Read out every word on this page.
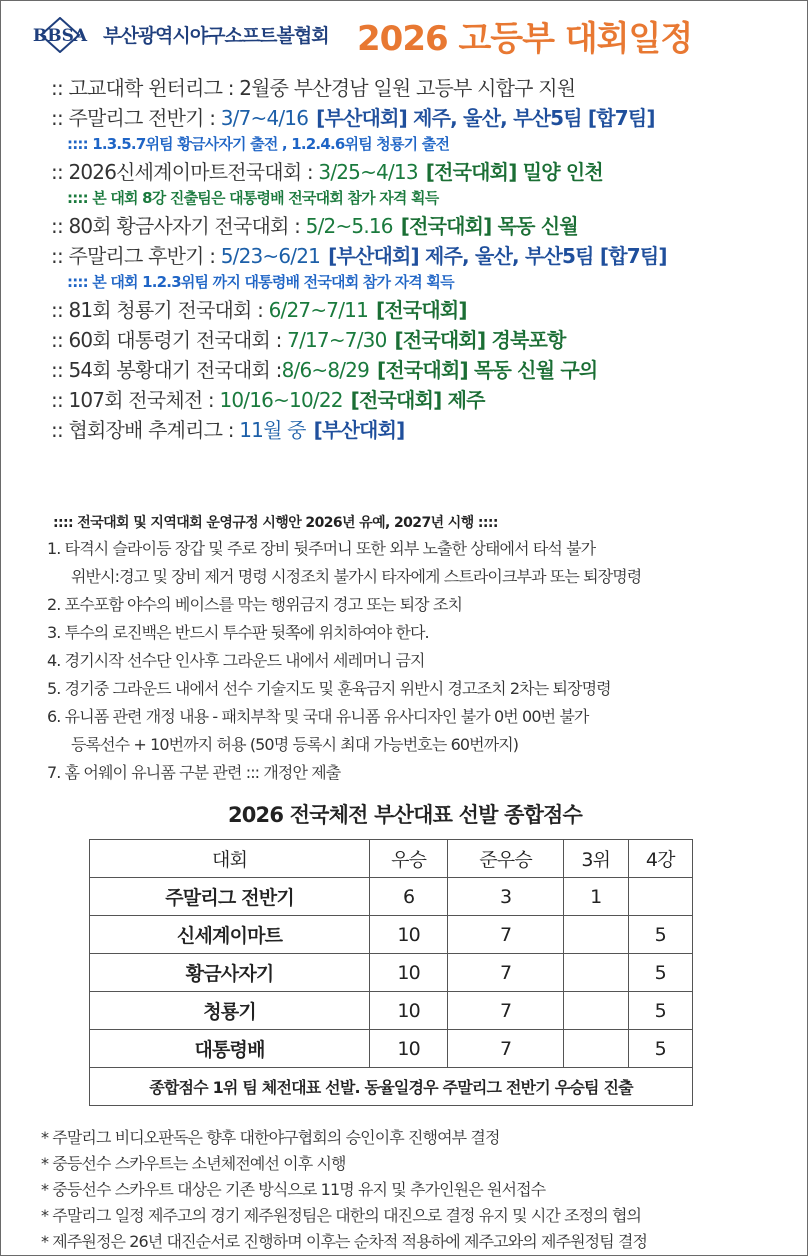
BBSA 부산광역시야구소프트볼협회 2026 고등부 대회일정
:: 고교대학 윈터리그 : 2월중 부산경남 일원 고등부 시합구 지원
:: 주말리그 전반기 : 3/7~4/16 [부산대회] 제주, 울산, 부산5팀 [합7팀]
:::: 1.3.5.7위팀 황금사자기 출전 , 1.2.4.6위팀 청룡기 출전
:: 2026신세계이마트전국대회 : 3/25~4/13 [전국대회] 밀양 인천
:::: 본 대회 8강 진출팀은 대통령배 전국대회 참가 자격 획득
:: 80회 황금사자기 전국대회 : 5/2~5.16 [전국대회] 목동 신월
:: 주말리그 후반기 : 5/23~6/21 [부산대회] 제주, 울산, 부산5팀 [합7팀]
:::: 본 대회 1.2.3위팀 까지 대통령배 전국대회 참가 자격 획득
:: 81회 청룡기 전국대회 : 6/27~7/11 [전국대회]
:: 60회 대통령기 전국대회 : 7/17~7/30 [전국대회] 경북포항
:: 54회 봉황대기 전국대회 :8/6~8/29 [전국대회] 목동 신월 구의
:: 107회 전국체전 : 10/16~10/22 [전국대회] 제주
:: 협회장배 추계리그 : 11월 중 [부산대회]
:::: 전국대회 및 지역대회 운영규정 시행안 2026년 유예, 2027년 시행 ::::
1. 타격시 슬라이등 장갑 및 주로 장비 뒷주머니 또한 외부 노출한 상태에서 타석 불가
위반시:경고 및 장비 제거 명령 시정조치 불가시 타자에게 스트라이크부과 또는 퇴장명령
2. 포수포함 야수의 베이스를 막는 행위금지 경고 또는 퇴장 조치
3. 투수의 로진백은 반드시 투수판 뒷쪽에 위치하여야 한다.
4. 경기시작 선수단 인사후 그라운드 내에서 세레머니 금지
5. 경기중 그라운드 내에서 선수 기술지도 및 훈육금지 위반시 경고조치 2차는 퇴장명령
6. 유니폼 관련 개정 내용 - 패치부착 및 국대 유니폼 유사디자인 불가 0번 00번 불가
등록선수 + 10번까지 허용 (50명 등록시 최대 가능번호는 60번까지)
7. 홈 어웨이 유니폼 구분 관련 ::: 개정안 제출
2026 전국체전 부산대표 선발 종합점수
대회	우승	준우승	3위	4강
주말리그 전반기	6	3	1	
신세계이마트	10	7		5
황금사자기	10	7		5
청룡기	10	7		5
대통령배	10	7		5
종합점수 1위 팀 체전대표 선발. 동율일경우 주말리그 전반기 우승팀 진출				
* 주말리그 비디오판독은 향후 대한야구협회의 승인이후 진행여부 결정
* 중등선수 스카우트는 소년체전예선 이후 시행
* 중등선수 스카우트 대상은 기존 방식으로 11명 유지 및 추가인원은 원서접수
* 주말리그 일정 제주고의 경기 제주원정팀은 대한의 대진으로 결정 유지 및 시간 조정의 협의
* 제주원정은 26년 대진순서로 진행하며 이후는 순차적 적용하에 제주고와의 제주원정팀 결정
